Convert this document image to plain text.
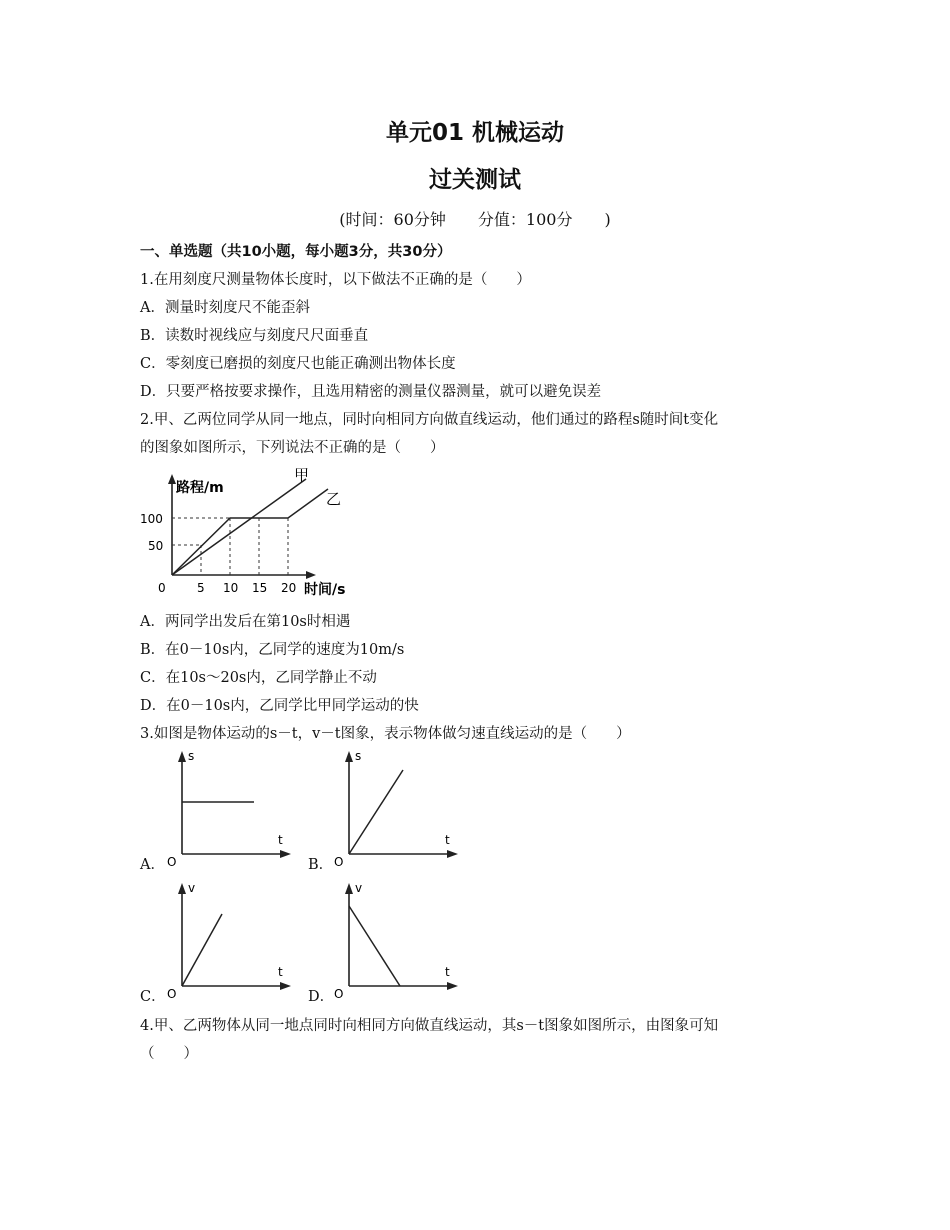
单元01 机械运动
过关测试
(时间：60分钟　　分值：100分　　)
一、单选题（共10小题，每小题3分，共30分）
1.在用刻度尺测量物体长度时，以下做法不正确的是（　　）
A．测量时刻度尺不能歪斜
B．读数时视线应与刻度尺尺面垂直
C．零刻度已磨损的刻度尺也能正确测出物体长度
D．只要严格按要求操作，且选用精密的测量仪器测量，就可以避免误差
2.甲、乙两位同学从同一地点，同时向相同方向做直线运动，他们通过的路程s随时间t变化
的图象如图所示，下列说法不正确的是（　　）
路程/m
0
100
50
5 10 15 20 时间/s
甲
乙
A．两同学出发后在第10s时相遇
B．在0－10s内，乙同学的速度为10m/s
C．在10s～20s内，乙同学静止不动
D．在0－10s内，乙同学比甲同学运动的快
3.如图是物体运动的s－t，v－t图象，表示物体做匀速直线运动的是（　　）
A．
s
t
O	B．
s
t
O
C．
v
t
O	D．
v
t
O
4.甲、乙两物体从同一地点同时向相同方向做直线运动，其s－t图象如图所示，由图象可知
（　　）
